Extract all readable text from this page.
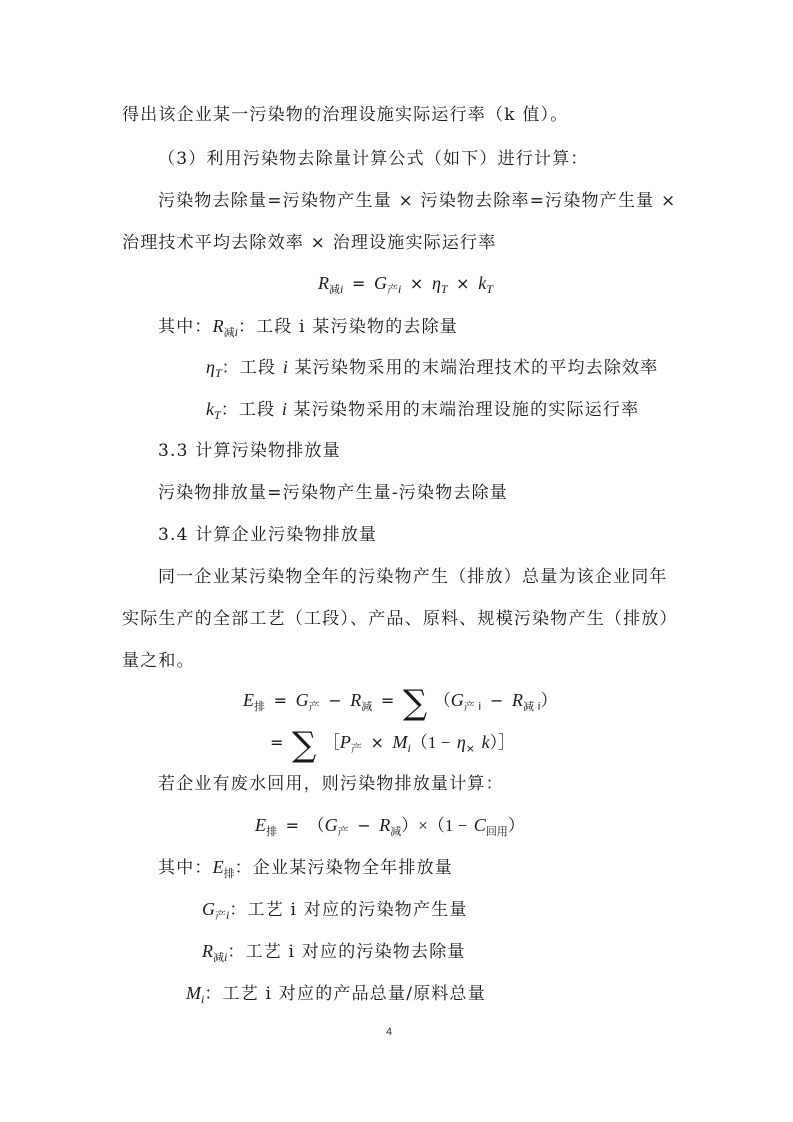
得出该企业某一污染物的治理设施实际运行率（k 值）。
（3）利用污染物去除量计算公式（如下）进行计算：
污染物去除量=污染物产生量 × 污染物去除率=污染物产生量 ×
治理技术平均去除效率 × 治理设施实际运行率
$R_{减i} = G_{产i} \times \eta_T \times k_T$
其中：$R_{减i}$：工段 i 某污染物的去除量
$\eta_T$：工段 i 某污染物采用的末端治理技术的平均去除效率
$k_T$：工段 i 某污染物采用的末端治理设施的实际运行率
3.3 计算污染物排放量
污染物排放量=污染物产生量-污染物去除量
3.4 计算企业污染物排放量
同一企业某污染物全年的污染物产生（排放）总量为该企业同年
实际生产的全部工艺（工段）、产品、原料、规模污染物产生（排放）
量之和。
$E_排 = G_产 - R_减$ = ∑ （$G_产$ $_i - R_减$ $_i$）
= ∑ $[P_产 \times M_i(1 - \eta_\times$ k）］
若企业有废水回用，则污染物排放量计算：
$E_排 = (G_产 - R_减)\times(1 - C_{回用})$
其中：$E_排$：企业某污染物全年排放量
$G_{产i}$：工艺 i 对应的污染物产生量
$R_{减i}$：工艺 i 对应的污染物去除量
$M_i$：工艺 i 对应的产品总量/原料总量
4
